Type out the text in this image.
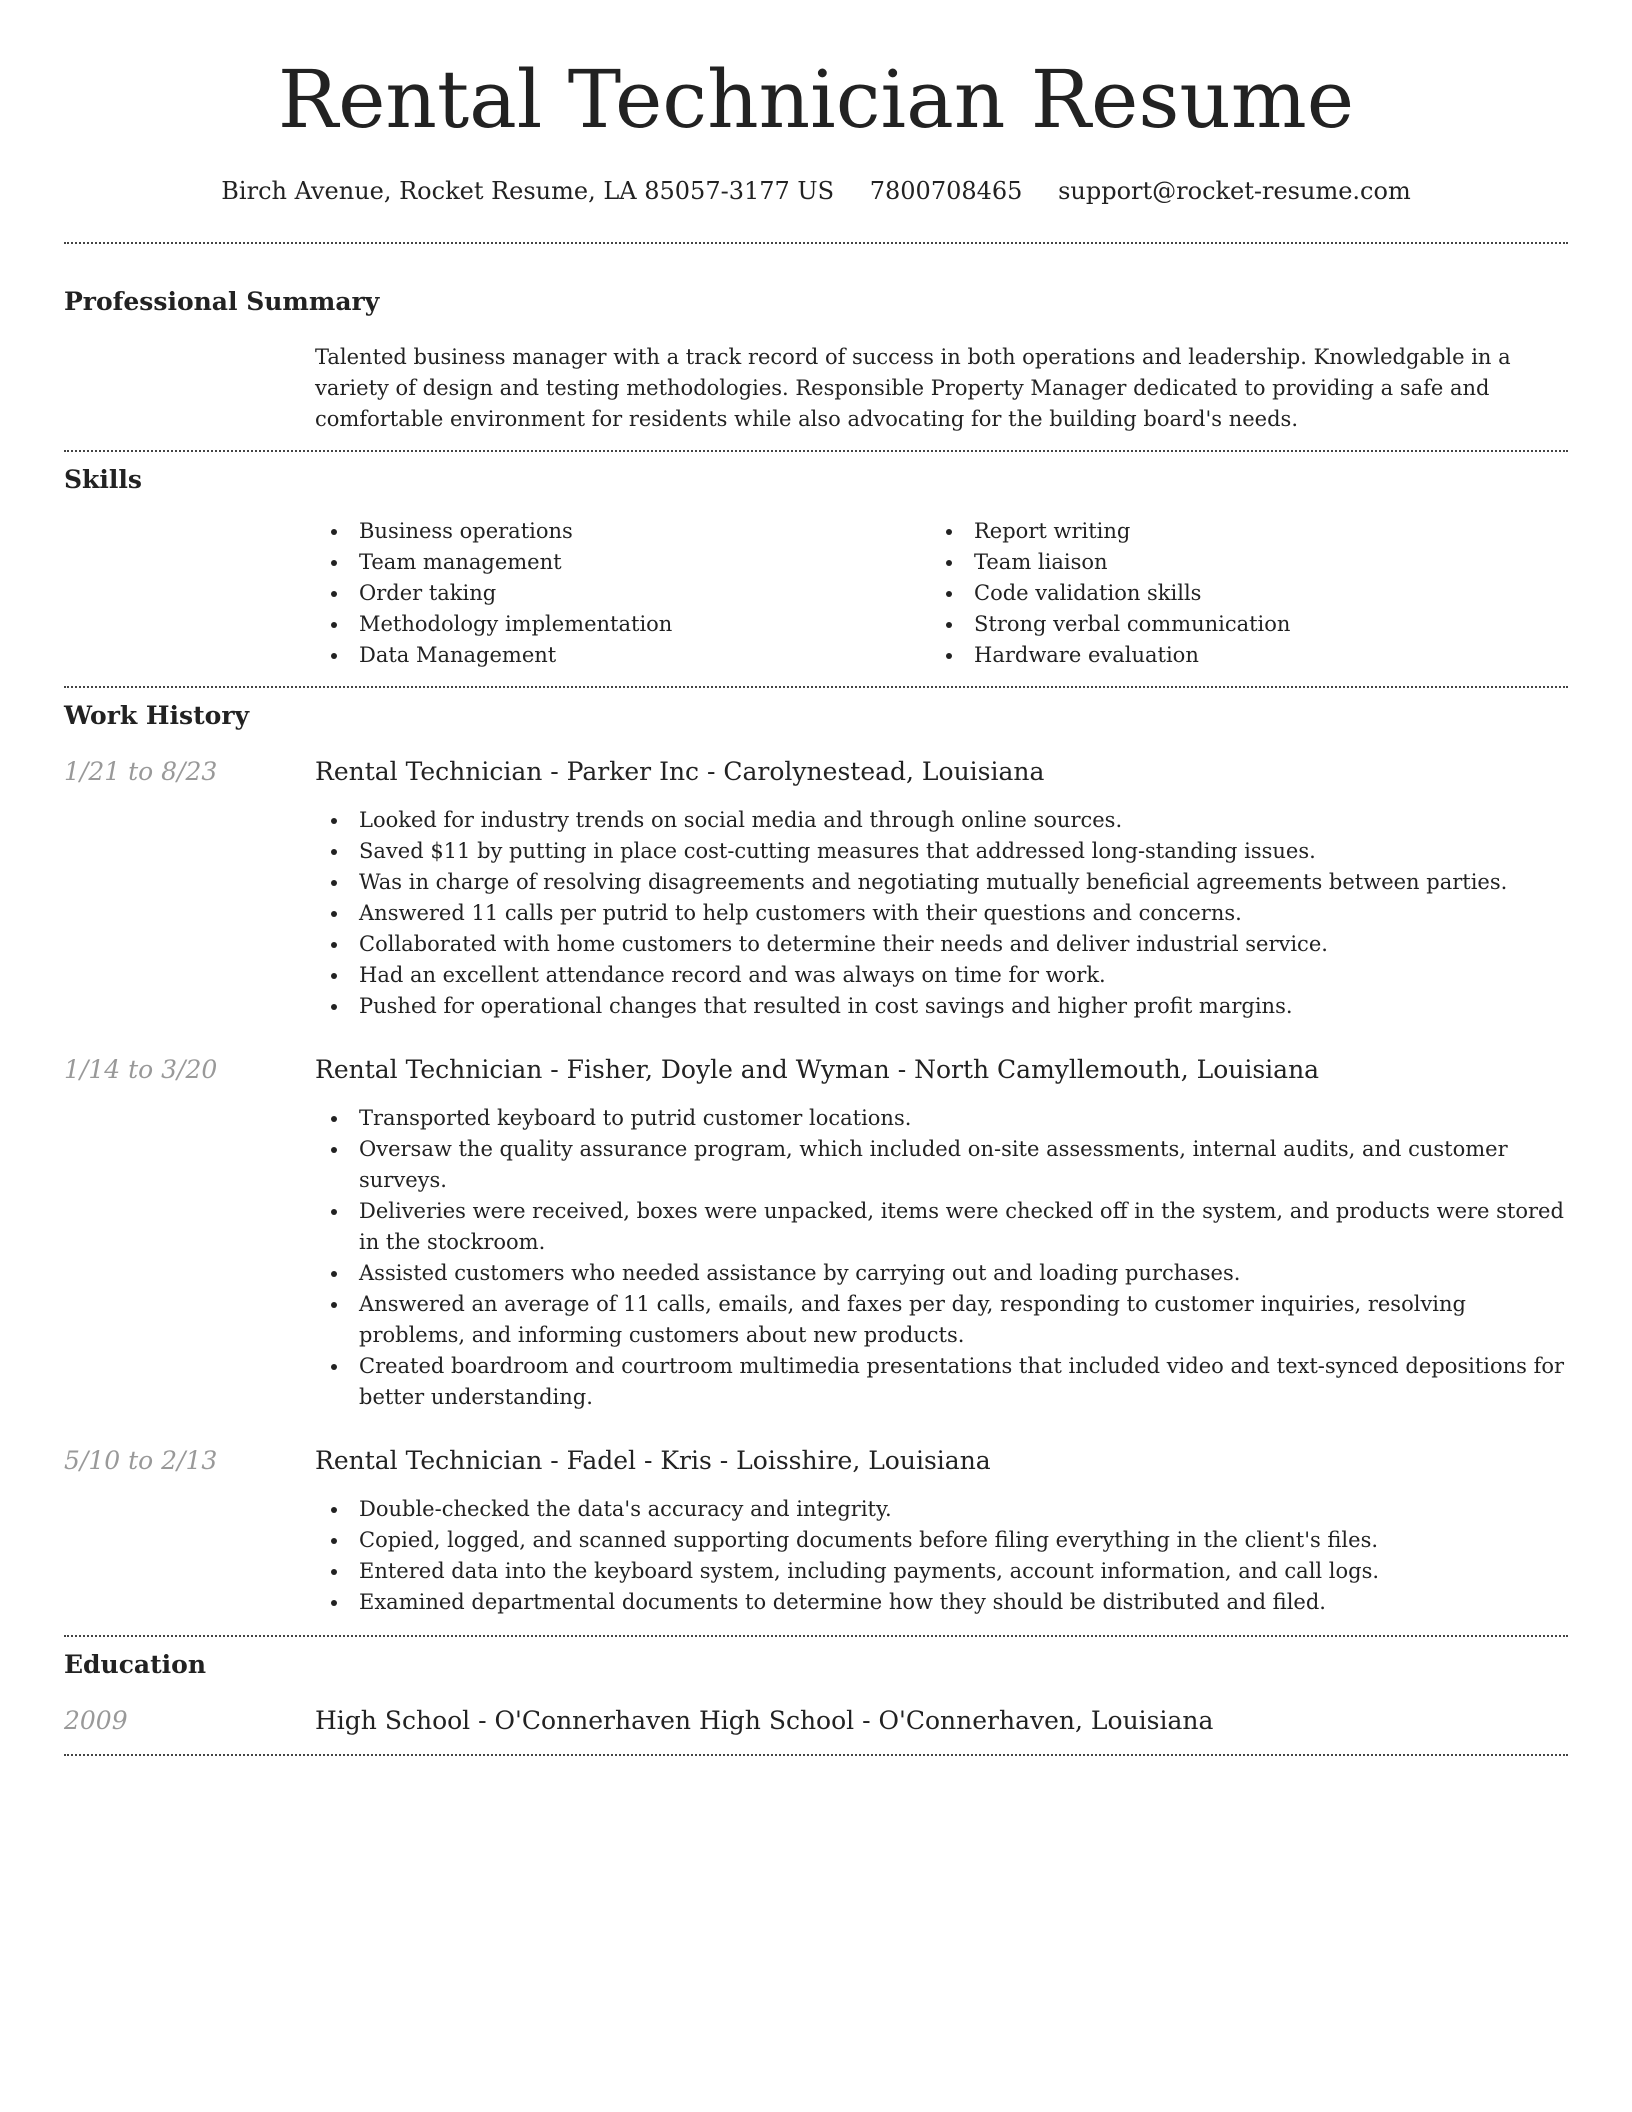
Rental Technician Resume
Birch Avenue, Rocket Resume, LA 85057-3177 US 7800708465 support@rocket-resume.com
Professional Summary

Talented business manager with a track record of success in both operations and leadership. Knowledgable in a variety of design and testing methodologies. Responsible Property Manager dedicated to providing a safe and comfortable environment for residents while also advocating for the building board's needs.

Skills
Business operations
Team management
Order taking
Methodology implementation
Data Management
Report writing
Team liaison
Code validation skills
Strong verbal communication
Hardware evaluation
Work History
1/21 to 8/23	Rental Technician - Parker Inc - Carolynestead, Louisiana
Looked for industry trends on social media and through online sources.
Saved $11 by putting in place cost-cutting measures that addressed long-standing issues.
Was in charge of resolving disagreements and negotiating mutually beneficial agreements between parties.
Answered 11 calls per putrid to help customers with their questions and concerns.
Collaborated with home customers to determine their needs and deliver industrial service.
Had an excellent attendance record and was always on time for work.
Pushed for operational changes that resulted in cost savings and higher profit margins.
1/14 to 3/20	Rental Technician - Fisher, Doyle and Wyman - North Camyllemouth, Louisiana
Transported keyboard to putrid customer locations.
Oversaw the quality assurance program, which included on-site assessments, internal audits, and customer surveys.
Deliveries were received, boxes were unpacked, items were checked off in the system, and products were stored in the stockroom.
Assisted customers who needed assistance by carrying out and loading purchases.
Answered an average of 11 calls, emails, and faxes per day, responding to customer inquiries, resolving problems, and informing customers about new products.
Created boardroom and courtroom multimedia presentations that included video and text-synced depositions for better understanding.
5/10 to 2/13	Rental Technician - Fadel - Kris - Loisshire, Louisiana
Double-checked the data's accuracy and integrity.
Copied, logged, and scanned supporting documents before filing everything in the client's files.
Entered data into the keyboard system, including payments, account information, and call logs.
Examined departmental documents to determine how they should be distributed and filed.
Education
2009	High School - O'Connerhaven High School - O'Connerhaven, Louisiana
